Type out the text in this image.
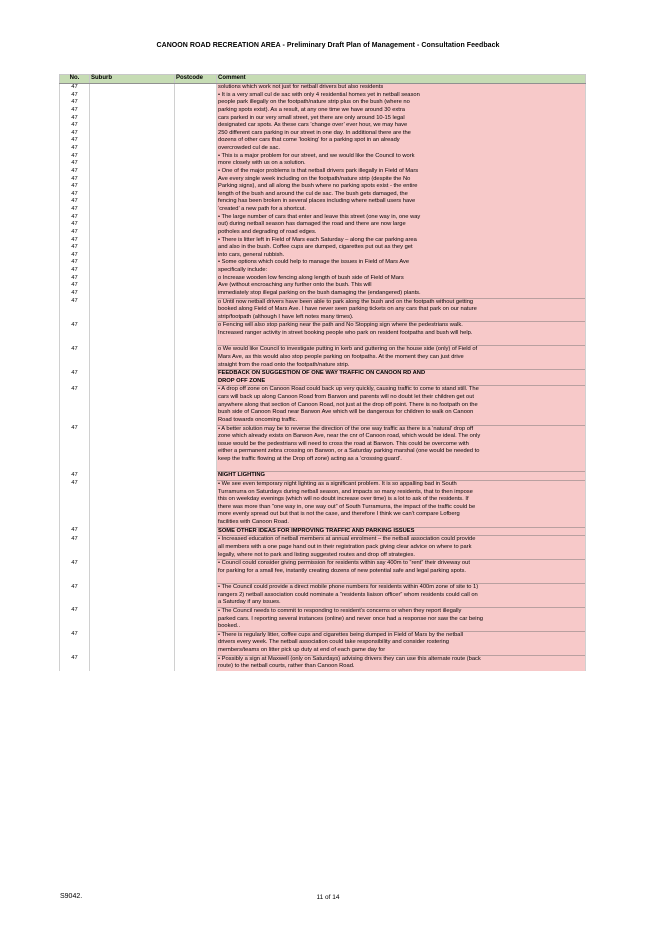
CANOON ROAD RECREATION AREA - Preliminary Draft Plan of Management - Consultation Feedback
No.	Suburb	Postcode	Comment
47			solutions which work not just for netball drivers but also residents
47			• It is a very small cul de sac with only 4 residential homes yet in netball season
47			people park illegally on the footpath/nature strip plus on the bush (where no
47			parking spots exist). As a result, at any one time we have around 30 extra
47			cars parked in our very small street, yet there are only around 10-15 legal
47			designated car spots. As these cars ‘change over’ ever hour, we may have
47			250 different cars parking in our street in one day. In additional there are the
47			dozens of other cars that come ‘looking’ for a parking spot in an already
47			overcrowded cul de sac.
47			• This is a major problem for our street, and we would like the Council to work
47			more closely with us on a solution.
47			• One of the major problems is that netball drivers park illegally in Field of Mars
47			Ave every single week including on the footpath/nature strip (despite the No
47			Parking signs), and all along the bush where no parking spots exist - the entire
47			length of the bush and around the cul de sac. The bush gets damaged, the
47			fencing has been broken in several places including where netball users have
47			‘created’ a new path for a shortcut.
47			• The large number of cars that enter and leave this street (one way in, one way
47			out) during netball season has damaged the road and there are now large
47			potholes and degrading of road edges.
47			• There is litter left in Field of Mars each Saturday – along the car parking area
47			and also in the bush. Coffee cups are dumped, cigarettes put out as they get
47			into cars, general rubbish.
47			• Some options which could help to manage the issues in Field of Mars Ave
47			specifically include:
47			o Increase wooden low fencing along length of bush side of Field of Mars
47			Ave (without encroaching any further onto the bush. This will
47			immediately stop illegal parking on the bush damaging the (endangered) plants.
47			o Until now netball drivers have been able to park along the bush and on the footpath without getting
			booked along Field of Mars Ave. I have never seen parking tickets on any cars that park on our nature
			strip/footpath (although I have left notes many times).
47			o Fencing will also stop parking near the path and No Stopping sign where the pedestrians walk.
			Increased ranger activity in street booking people who park on resident footpaths and bush will help.

47			o We would like Council to investigate putting in kerb and guttering on the house side (only) of Field of
			Mars Ave, as this would also stop people parking on footpaths. At the moment they can just drive
			straight from the road onto the footpath/nature strip.
47			FEEDBACK ON SUGGESTION OF ONE WAY TRAFFIC ON CANOON RD AND
			DROP OFF ZONE
47			• A drop off zone on Canoon Road could back up very quickly, causing traffic to come to stand still. The
			cars will back up along Canoon Road from Barwon and parents will no doubt let their children get out
			anywhere along that section of Canoon Road, not just at the drop off point. There is no footpath on the
			bush side of Canoon Road near Barwon Ave which will be dangerous for children to walk on Canoon
			Road towards oncoming traffic.
47			• A better solution may be to reverse the direction of the one way traffic as there is a ‘natural’ drop off
			zone which already exists on Barwon Ave, near the cnr of Canoon road, which would be ideal. The only
			issue would be the pedestrians will need to cross the road at Barwon. This could be overcome with
			either a permanent zebra crossing on Barwon, or a Saturday parking marshal (one would be needed to
			keep the traffic flowing at the Drop off zone) acting as a ‘crossing guard’.

47			NIGHT LIGHTING
47			• We see even temporary night lighting as a significant problem. It is so appalling bad in South
			Turramurra on Saturdays during netball season, and impacts so many residents, that to then impose
			this on weekday evenings (which will no doubt increase over time) is a lot to ask of the residents. If
			there was more than “one way in, one way out” of South Turramurra, the impact of the traffic could be
			more evenly spread out but that is not the case, and therefore I think we can’t compare Lofberg
			facilities with Canoon Road.
47			SOME OTHER IDEAS FOR IMPROVING TRAFFIC AND PARKING ISSUES
47			• Increased education of netball members at annual enrolment – the netball association could provide
			all members with a one page hand out in their registration pack giving clear advice on where to park
			legally, where not to park and listing suggested routes and drop off strategies.
47			• Council could consider giving permission for residents within say 400m to “rent” their driveway out
			for parking for a small fee, instantly creating dozens of new potential safe and legal parking spots.

47			• The Council could provide a direct mobile phone numbers for residents within 400m zone of site to 1)
			rangers 2) netball association could nominate a “residents liaison officer” whom residents could call on
			a Saturday if any issues.
47			• The Council needs to commit to responding to resident’s concerns or when they report illegally
			parked cars. I reporting several instances (online) and never once had a response nor saw the car being
			booked..
47			• There is regularly litter, coffee cups and cigarettes being dumped in Field of Mars by the netball
			drivers every week. The netball association could take responsibility and consider rostering
			members/teams on litter pick up duty at end of each game day for
47			• Possibly a sign at Maxwell (only on Saturdays) advising drivers they can use this alternate route (back
			route) to the netball courts, rather than Canoon Road.
S9042.	11 of 14
